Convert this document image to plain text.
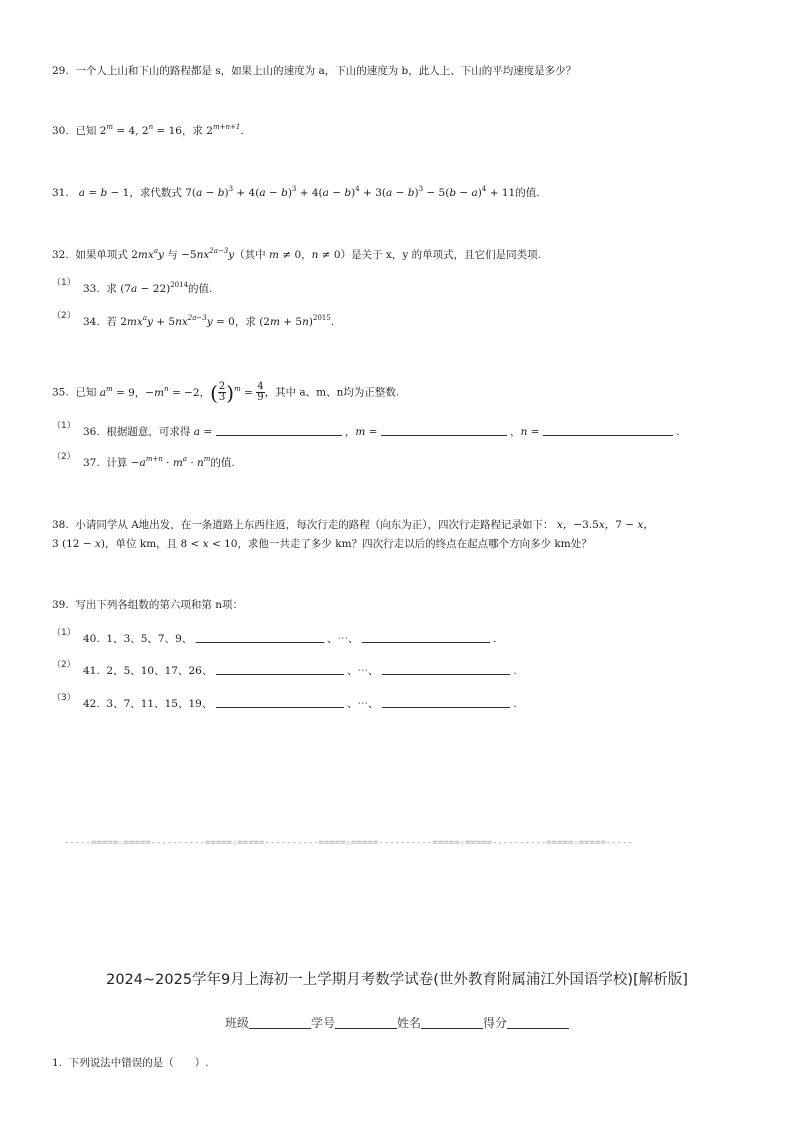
29. 一个人上山和下山的路程都是 s，如果上山的速度为 a，下山的速度为 b，此人上、下山的平均速度是多少？
30. 已知 $2^m = 4$, $2^n = 16$，求 $2^{m+n+1}$.
31.   a = b − 1，求代数式 $7(a - b)^3 + 4(a - b)^3 + 4(a - b)^4 + 3(a - b)^3 - 5(b - a)^4 + 11$的值.
32. 如果单项式 $2mx^ay$ 与 $-5nx^{2a-3}y$（其中 m ≠ 0，n ≠ 0）是关于 x，y 的单项式，且它们是同类项.
（1） 33. 求 $(7a - 22)^{2014}$的值.
（2） 34. 若 $2mx^ay + 5nx^{2a-3}y = 0$，求 $(2m + 5n)^{2015}$.
35. 已知 $a^m = 9$，$-m^n = -2$，( $\frac{2}{3} )^m = \frac{4}{9}$ ，其中 a、m、n均为正整数.
（1） 36. 根据题意，可求得 a =	，m =	，n =	.
（2） 37. 计算 $-a^{m+n} \cdot m^a \cdot n^m$的值.
38. 小请同学从 A地出发，在一条道路上东西往返，每次行走的路程（向东为正），四次行走路程记录如下： x，−3.5x，7 − x，
3 (12 − x)，单位 km，且 8 < x < 10，求他一共走了多少 km？四次行走以后的终点在起点哪个方向多少 km处？
39. 写出下列各组数的第六项和第 n项：
（1） 40. 1、3、5、7、9、	、⋯、	.
（2） 41. 2、5、10、17、26、	、⋯、	.
（3） 42. 3、7、11、15、19、	、⋯、	.
-----=====☆=====----------=====☆=====----------=====☆=====----------=====☆=====----------=====☆=====-----
2024~2025学年9月上海初一上学期月考数学试卷(世外教育附属浦江外国语学校)[解析版]
班级	学号	姓名	得分
1. 下列说法中错误的是（　　）.
